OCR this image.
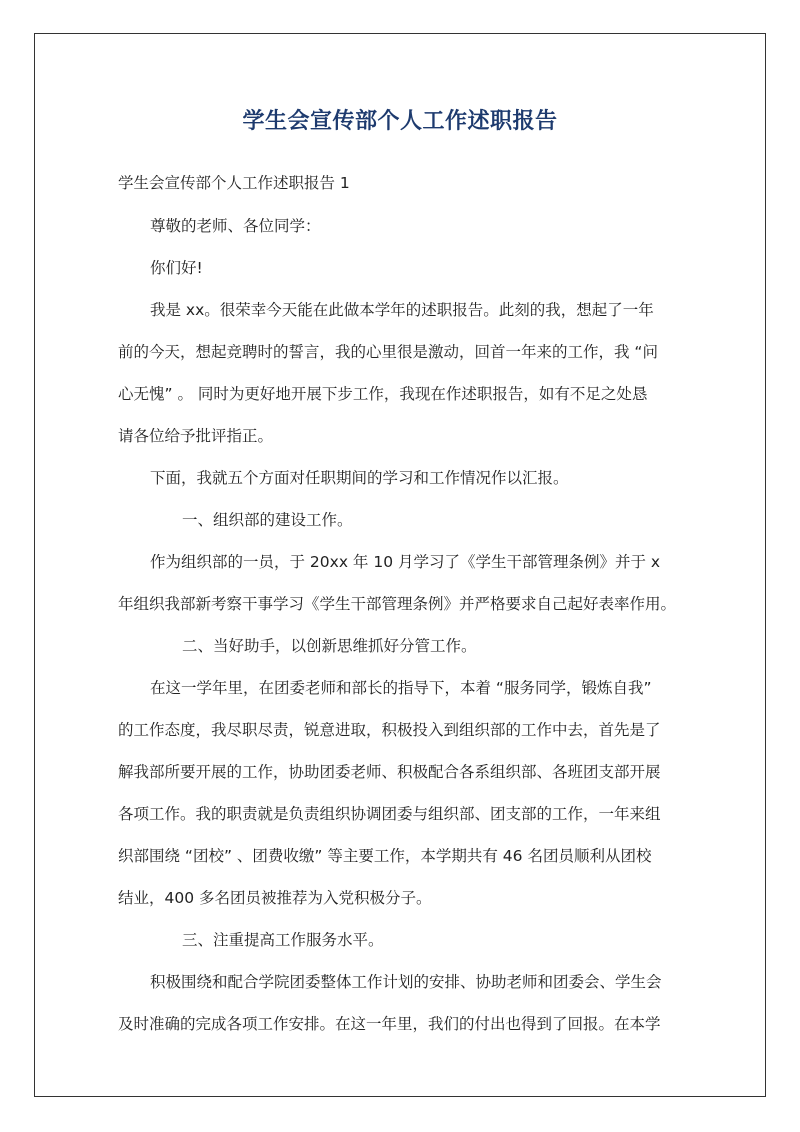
学生会宣传部个人工作述职报告
学生会宣传部个人工作述职报告 1
尊敬的老师、各位同学：
你们好!
我是 xx。很荣幸今天能在此做本学年的述职报告。此刻的我，想起了一年
前的今天，想起竞聘时的誓言，我的心里很是激动，回首一年来的工作，我 “问
心无愧” 。 同时为更好地开展下步工作，我现在作述职报告，如有不足之处恳
请各位给予批评指正。
下面，我就五个方面对任职期间的学习和工作情况作以汇报。
一、组织部的建设工作。
作为组织部的一员，于 20xx 年 10 月学习了《学生干部管理条例》并于 x
年组织我部新考察干事学习《学生干部管理条例》并严格要求自己起好表率作用。
二、当好助手，以创新思维抓好分管工作。
在这一学年里，在团委老师和部长的指导下，本着 “服务同学，锻炼自我”
的工作态度，我尽职尽责，锐意进取，积极投入到组织部的工作中去，首先是了
解我部所要开展的工作，协助团委老师、积极配合各系组织部、各班团支部开展
各项工作。我的职责就是负责组织协调团委与组织部、团支部的工作，一年来组
织部围绕 “团校” 、团费收缴” 等主要工作，本学期共有 46 名团员顺利从团校
结业，400 多名团员被推荐为入党积极分子。
三、注重提高工作服务水平。
积极围绕和配合学院团委整体工作计划的安排、协助老师和团委会、学生会
及时准确的完成各项工作安排。在这一年里，我们的付出也得到了回报。在本学
